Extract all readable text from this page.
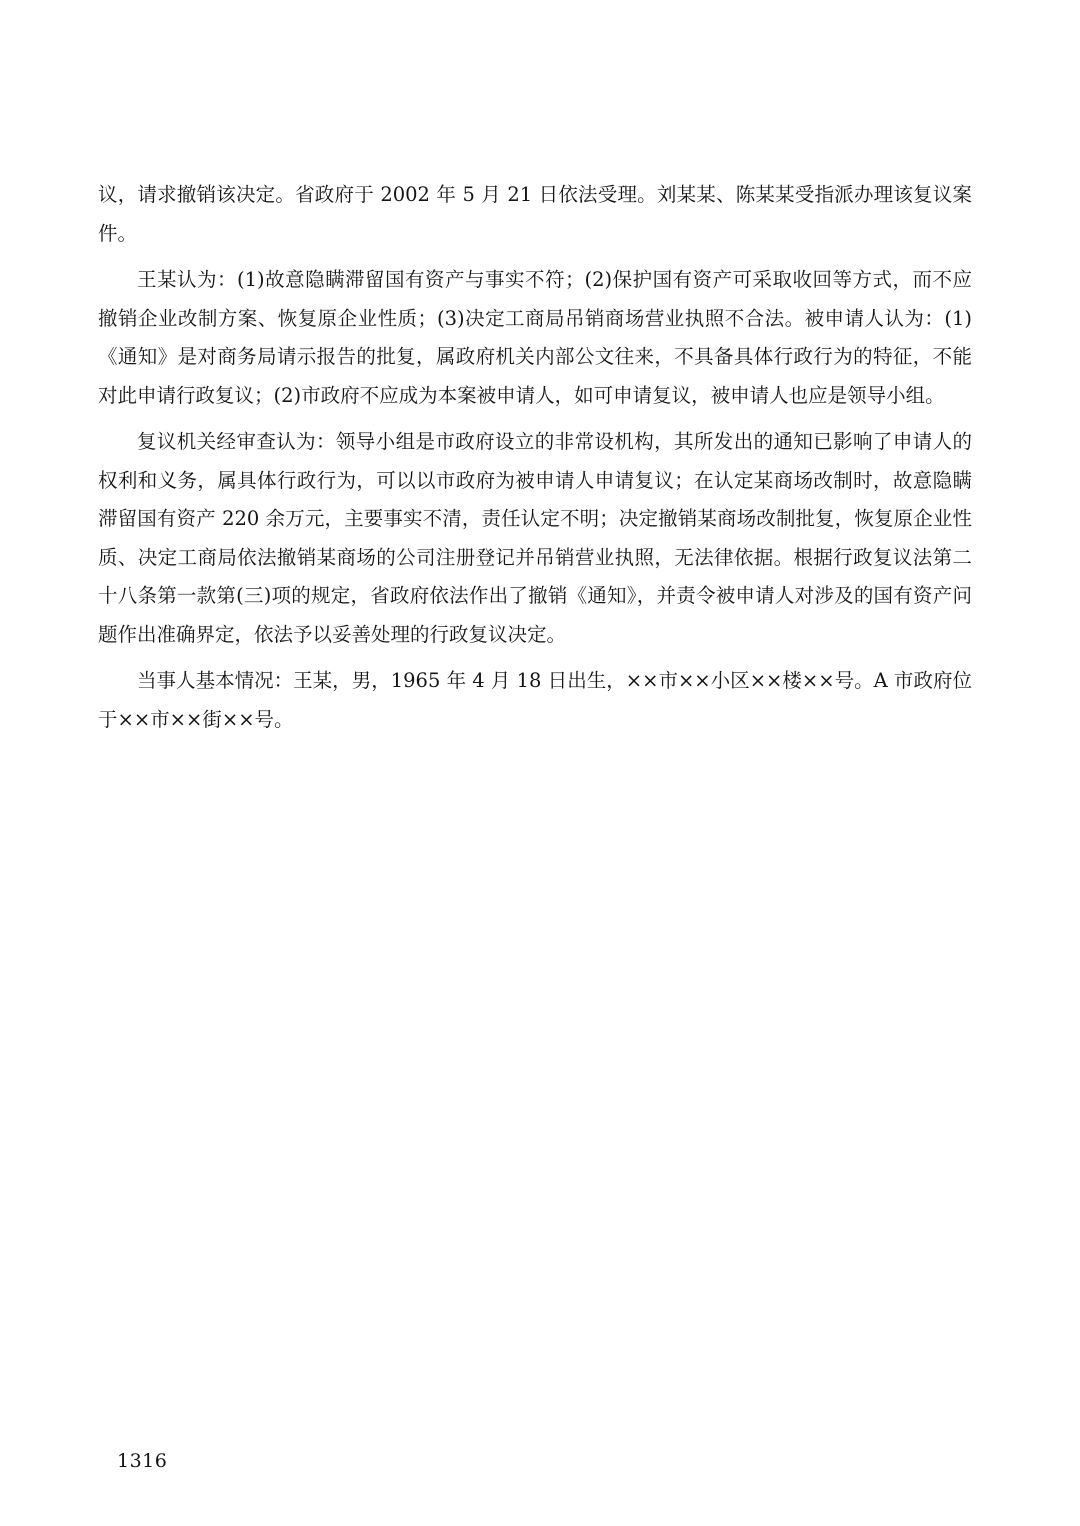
议，请求撤销该决定。省政府于 2002 年 5 月 21 日依法受理。刘某某、陈某某受指派办理该复议案件。

王某认为：(1)故意隐瞒滞留国有资产与事实不符；(2)保护国有资产可采取收回等方式，而不应撤销企业改制方案、恢复原企业性质；(3)决定工商局吊销商场营业执照不合法。被申请人认为：(1)《通知》是对商务局请示报告的批复，属政府机关内部公文往来，不具备具体行政行为的特征，不能对此申请行政复议；(2)市政府不应成为本案被申请人，如可申请复议，被申请人也应是领导小组。

复议机关经审查认为：领导小组是市政府设立的非常设机构，其所发出的通知已影响了申请人的权利和义务，属具体行政行为，可以以市政府为被申请人申请复议；在认定某商场改制时，故意隐瞒滞留国有资产 220 余万元，主要事实不清，责任认定不明；决定撤销某商场改制批复，恢复原企业性质、决定工商局依法撤销某商场的公司注册登记并吊销营业执照，无法律依据。根据行政复议法第二十八条第一款第(三)项的规定，省政府依法作出了撤销《通知》，并责令被申请人对涉及的国有资产问题作出准确界定，依法予以妥善处理的行政复议决定。

当事人基本情况：王某，男，1965 年 4 月 18 日出生，××市××小区××楼××号。A 市政府位于××市××街××号。

1316
